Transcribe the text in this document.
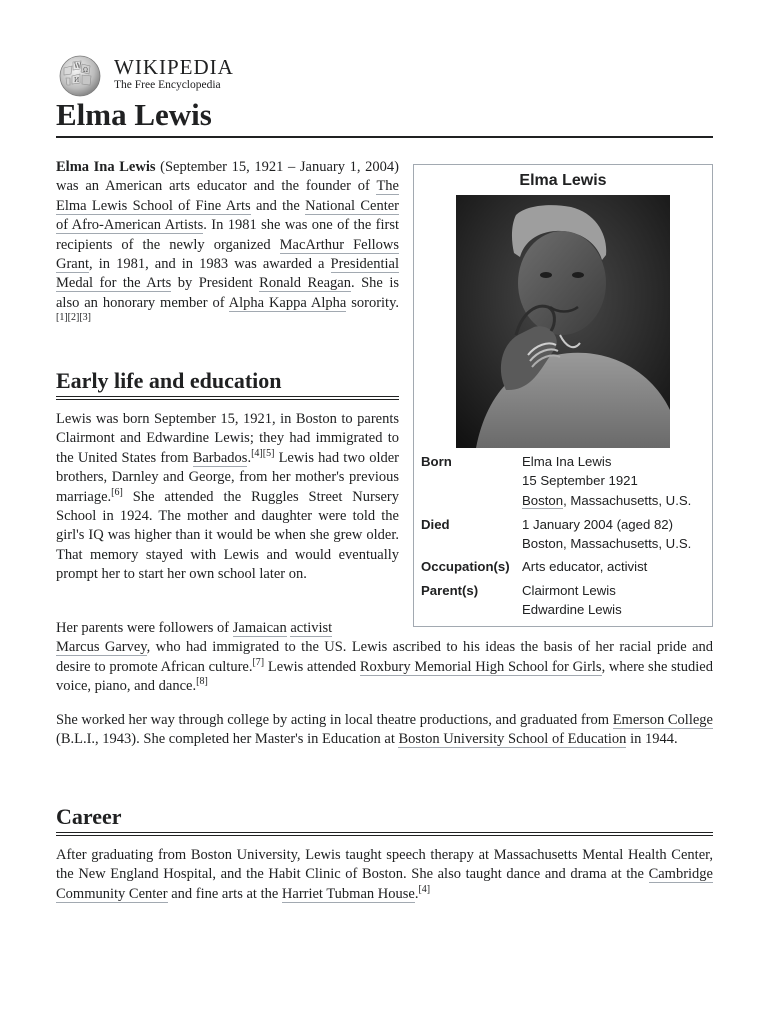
W
Ω
И
WIKIPEDIA
The Free Encyclopedia
Elma Lewis

Elma Ina Lewis (September 15, 1921 – January 1, 2004) was an American arts educator and the founder of The Elma Lewis School of Fine Arts and the National Center of Afro-American Artists. In 1981 she was one of the first recipients of the newly organized MacArthur Fellows Grant, in 1981, and in 1983 was awarded a Presidential Medal for the Arts by President Ronald Reagan. She is also an honorary member of Alpha Kappa Alpha sorority.[1][2][3]

Early life and education

Lewis was born September 15, 1921, in Boston to parents Clairmont and Edwardine Lewis; they had immigrated to the United States from Barbados.[4][5] Lewis had two older brothers, Darnley and George, from her mother's previous marriage.[6] She attended the Ruggles Street Nursery School in 1924. The mother and daughter were told the girl's IQ was higher than it would be when she grew older. That memory stayed with Lewis and would eventually prompt her to start her own school later on.

Her parents were followers of Jamaican activist
Marcus Garvey, who had immigrated to the US. Lewis ascribed to his ideas the basis of her racial pride and desire to promote African culture.[7] Lewis attended Roxbury Memorial High School for Girls, where she studied voice, piano, and dance.[8]

She worked her way through college by acting in local theatre productions, and graduated from Emerson College (B.L.I., 1943). She completed her Master's in Education at Boston University School of Education in 1944.

Career

After graduating from Boston University, Lewis taught speech therapy at Massachusetts Mental Health Center, the New England Hospital, and the Habit Clinic of Boston. She also taught dance and drama at the Cambridge Community Center and fine arts at the Harriet Tubman House.[4]

Elma Lewis
Born	Elma Ina Lewis
15 September 1921
Boston, Massachusetts, U.S.
Died	1 January 2004 (aged 82)
Boston, Massachusetts, U.S.
Occupation(s) Arts educator, activist
Parent(s)	Clairmont Lewis
Edwardine Lewis
